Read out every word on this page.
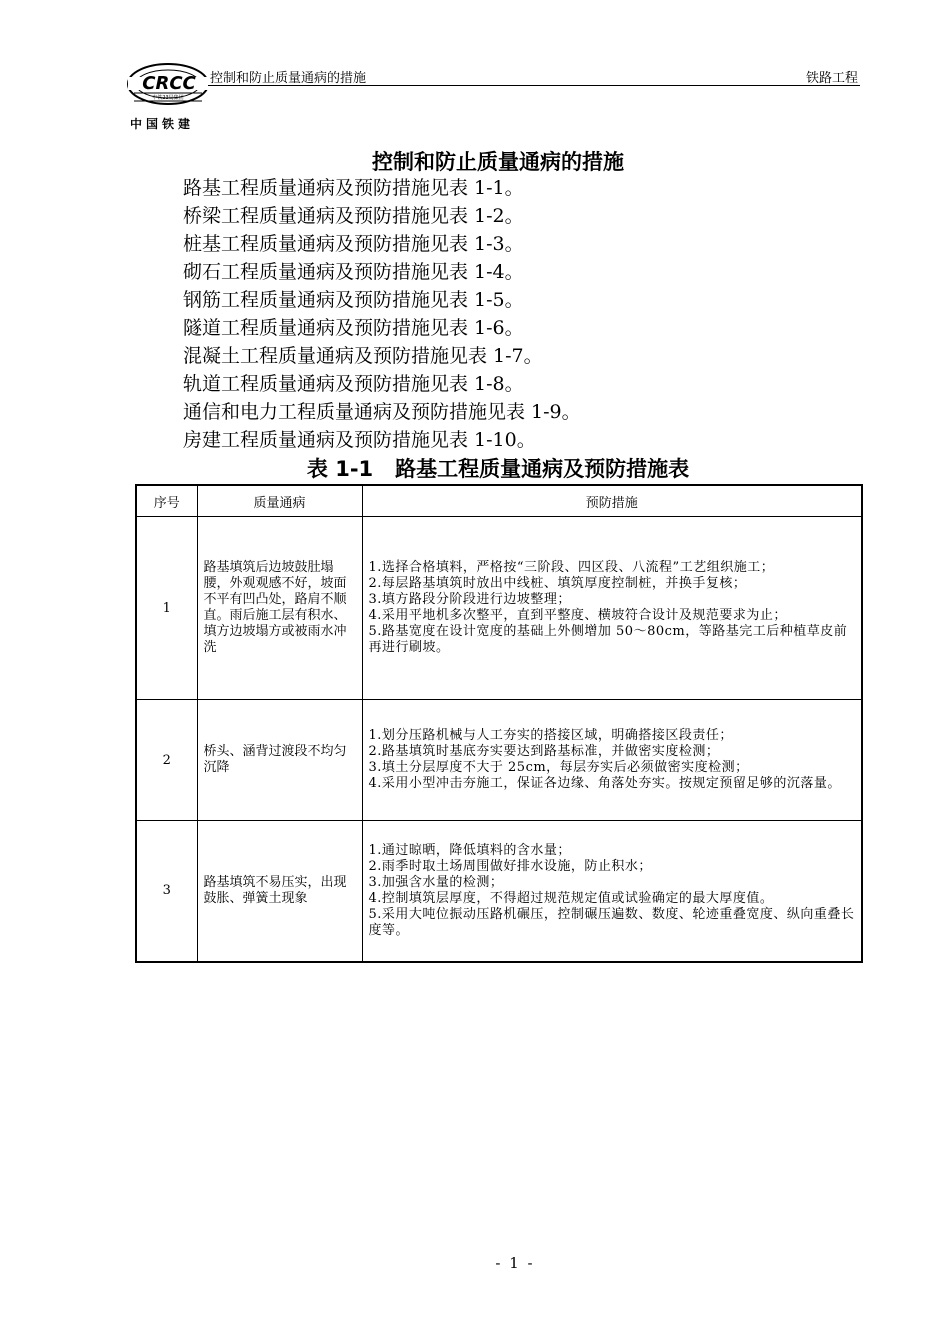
CRCC
中铁23局集团
中国铁建
控制和防止质量通病的措施	铁路工程
控制和防止质量通病的措施
路基工程质量通病及预防措施见表 1-1。
桥梁工程质量通病及预防措施见表 1-2。
桩基工程质量通病及预防措施见表 1-3。
砌石工程质量通病及预防措施见表 1-4。
钢筋工程质量通病及预防措施见表 1-5。
隧道工程质量通病及预防措施见表 1-6。
混凝土工程质量通病及预防措施见表 1-7。
轨道工程质量通病及预防措施见表 1-8。
通信和电力工程质量通病及预防措施见表 1-9。
房建工程质量通病及预防措施见表 1-10。
表 1-1   路基工程质量通病及预防措施表
序号	质量通病	预防措施
1	路基填筑后边坡鼓肚塌腰，外观观感不好，坡面不平有凹凸处，路肩不顺直。雨后施工层有积水、填方边坡塌方或被雨水冲洗	1.选择合格填料，严格按“三阶段、四区段、八流程”工艺组织施工；
2.每层路基填筑时放出中线桩、填筑厚度控制桩，并换手复核；
3.填方路段分阶段进行边坡整理；
4.采用平地机多次整平，直到平整度、横坡符合设计及规范要求为止；
5.路基宽度在设计宽度的基础上外侧增加 50～80cm，等路基完工后种植草皮前再进行刷坡。

2	桥头、涵背过渡段不均匀沉降	1.划分压路机械与人工夯实的搭接区域，明确搭接区段责任；
2.路基填筑时基底夯实要达到路基标准，并做密实度检测；
3.填土分层厚度不大于 25cm，每层夯实后必须做密实度检测；
4.采用小型冲击夯施工，保证各边缘、角落处夯实。按规定预留足够的沉落量。

3	路基填筑不易压实，出现鼓胀、弹簧土现象	1.通过晾晒，降低填料的含水量；
2.雨季时取土场周围做好排水设施，防止积水；
3.加强含水量的检测；
4.控制填筑层厚度，不得超过规范规定值或试验确定的最大厚度值。
5.采用大吨位振动压路机碾压，控制碾压遍数、数度、轮迹重叠宽度、纵向重叠长度等。
- 1 -
